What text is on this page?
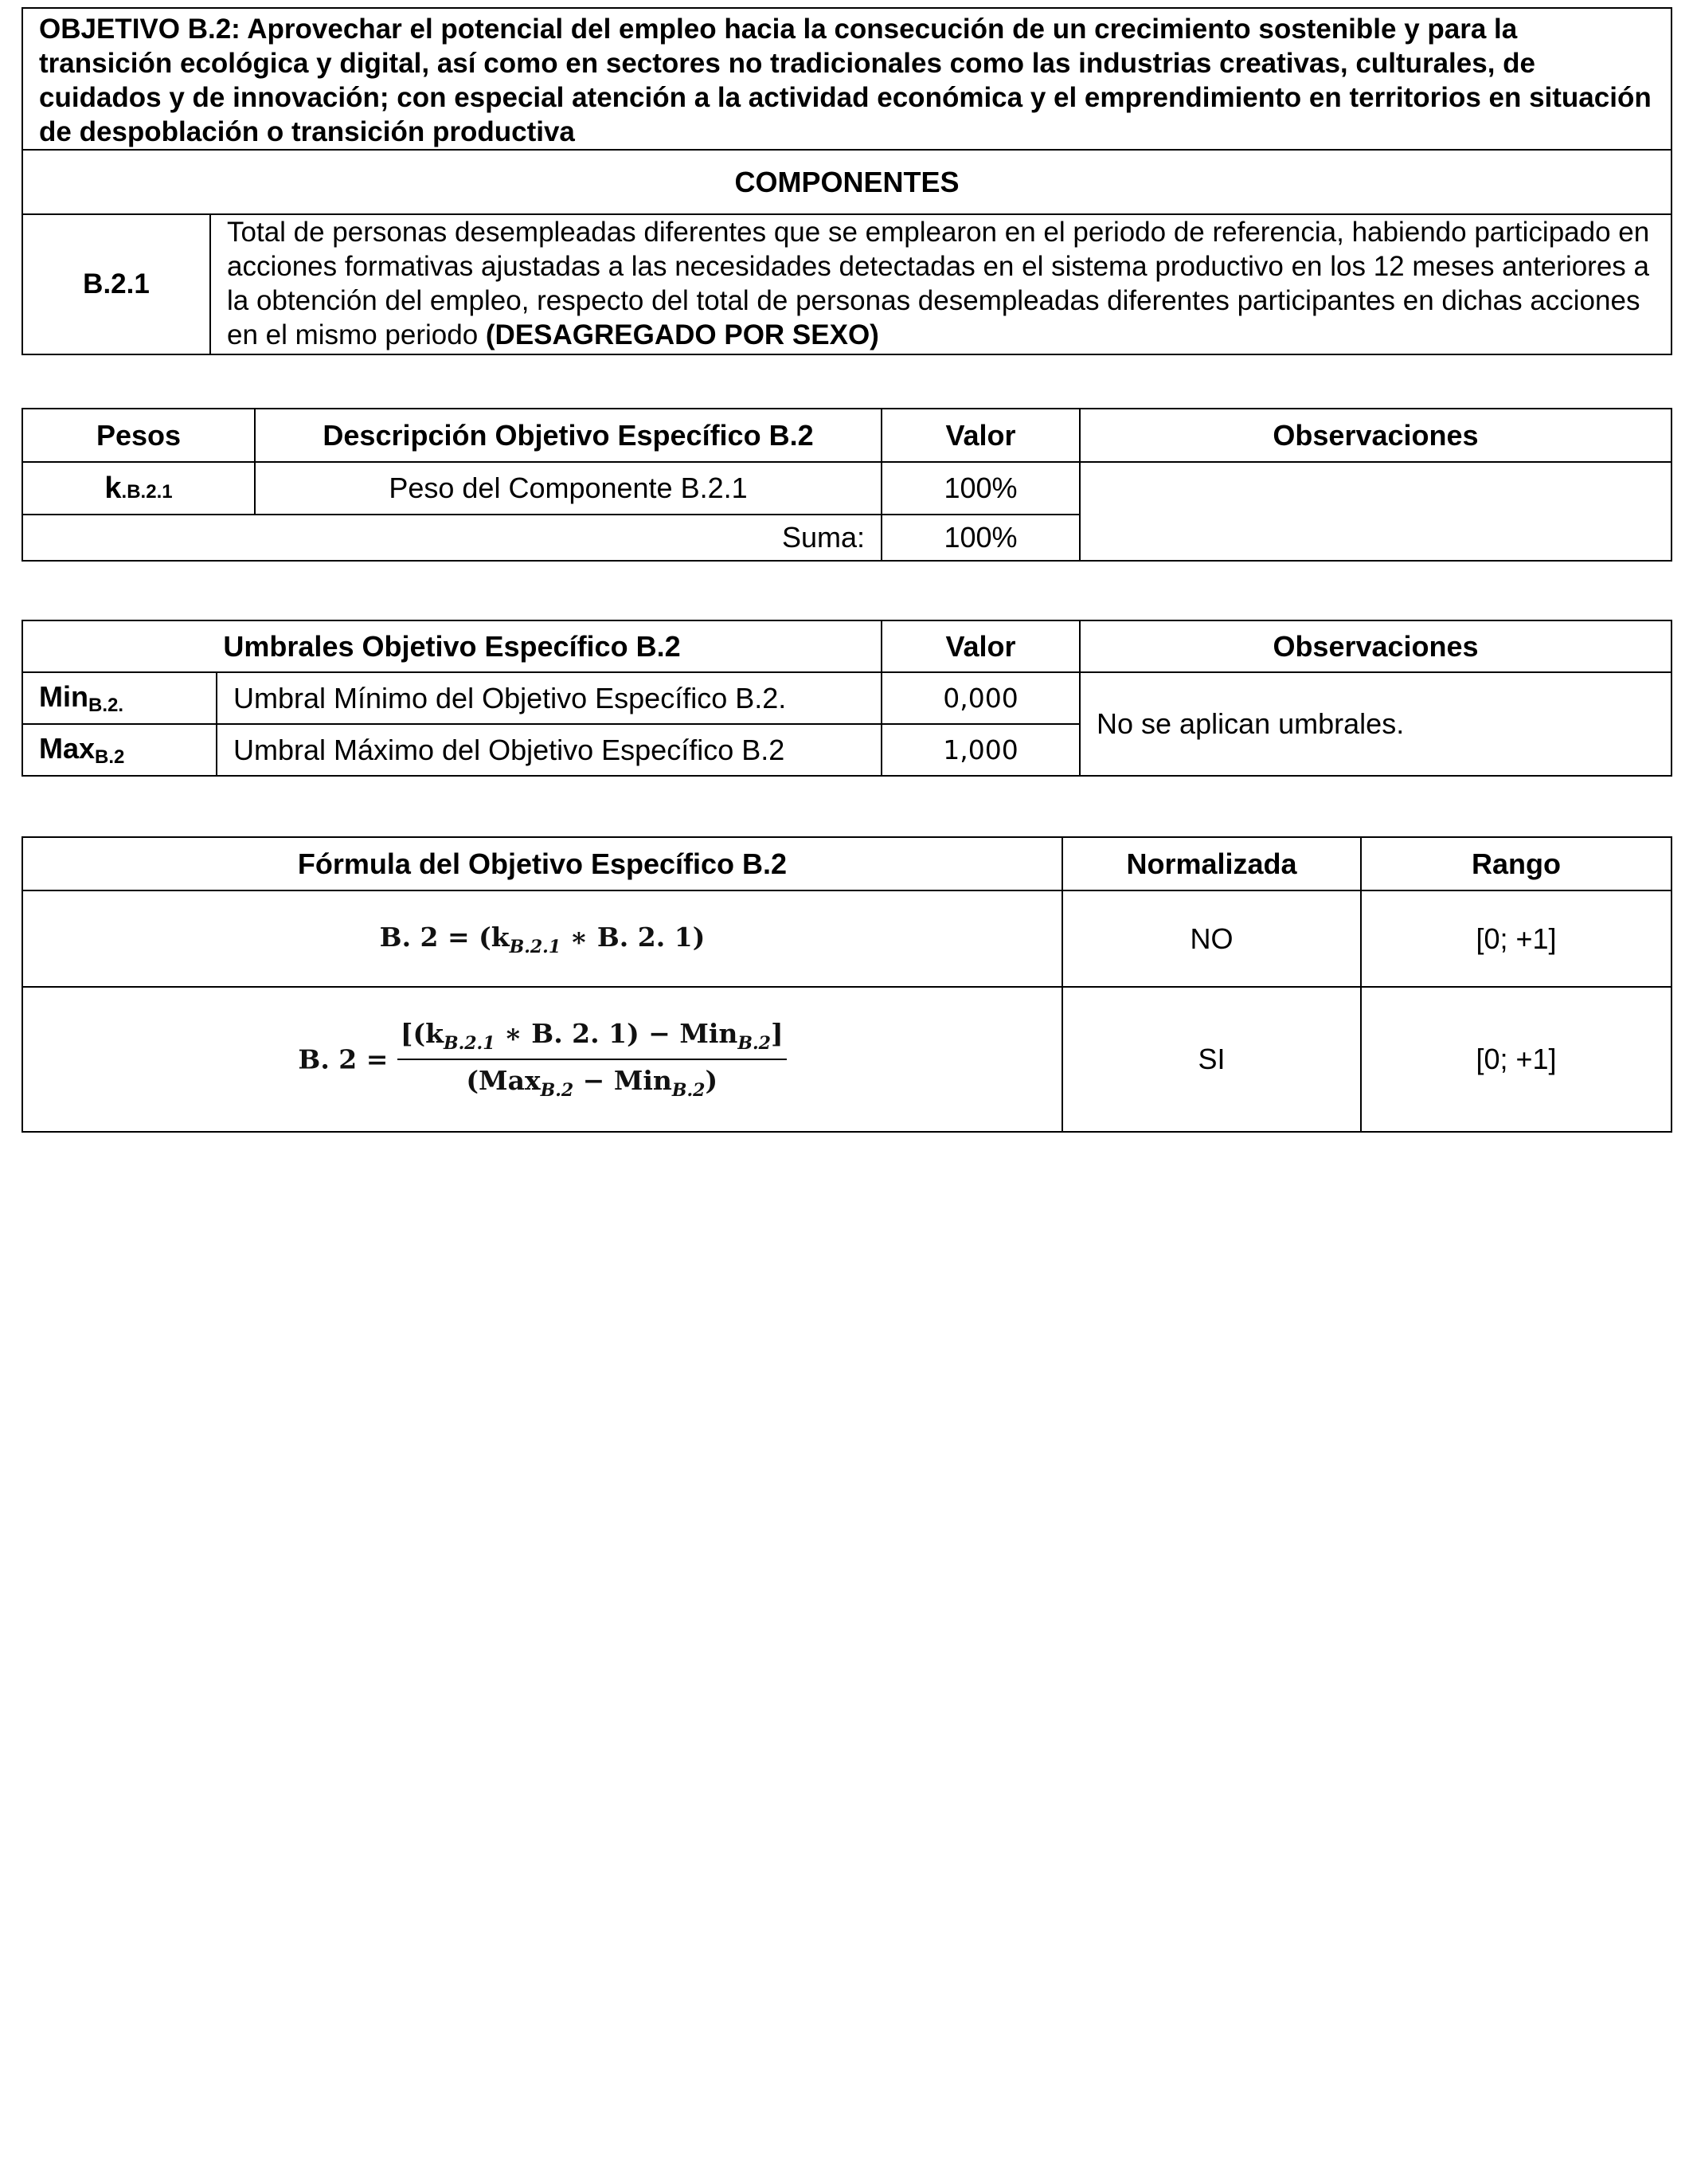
OBJETIVO B.2: Aprovechar el potencial del empleo hacia la consecución de un crecimiento sostenible y para la transición ecológica y digital, así como en sectores no tradicionales como las industrias creativas, culturales, de cuidados y de innovación; con especial atención a la actividad económica y el emprendimiento en territorios en situación de despoblación o transición productiva
COMPONENTES
B.2.1	Total de personas desempleadas diferentes que se emplearon en el periodo de referencia, habiendo participado en acciones formativas ajustadas a las necesidades detectadas en el sistema productivo en los 12 meses anteriores a la obtención del empleo, respecto del total de personas desempleadas diferentes participantes en dichas acciones en el mismo periodo (DESAGREGADO POR SEXO)
Pesos	Descripción Objetivo Específico B.2	Valor	Observaciones
k.B.2.1	Peso del Componente B.2.1	100%	
Suma:		100%	
Umbrales Objetivo Específico B.2		Valor	Observaciones
Min$_{B.2.}$	Umbral Mínimo del Objetivo Específico B.2.	0,000	No se aplican umbrales.
Max$_{B.2}$	Umbral Máximo del Objetivo Específico B.2	1,000	
Fórmula del Objetivo Específico B.2	Normalizada	Rango
B. $2 = (k_{B.2.1}$ ∗ B. 2. 1)	NO	[0; +1]
B. $2 = \frac{[(k_{B.2.1} ∗ B. 2. 1) - Min_{B.2}]}{(Max_{B.2} - Min_{B.2})}$	SI	[0; +1]
